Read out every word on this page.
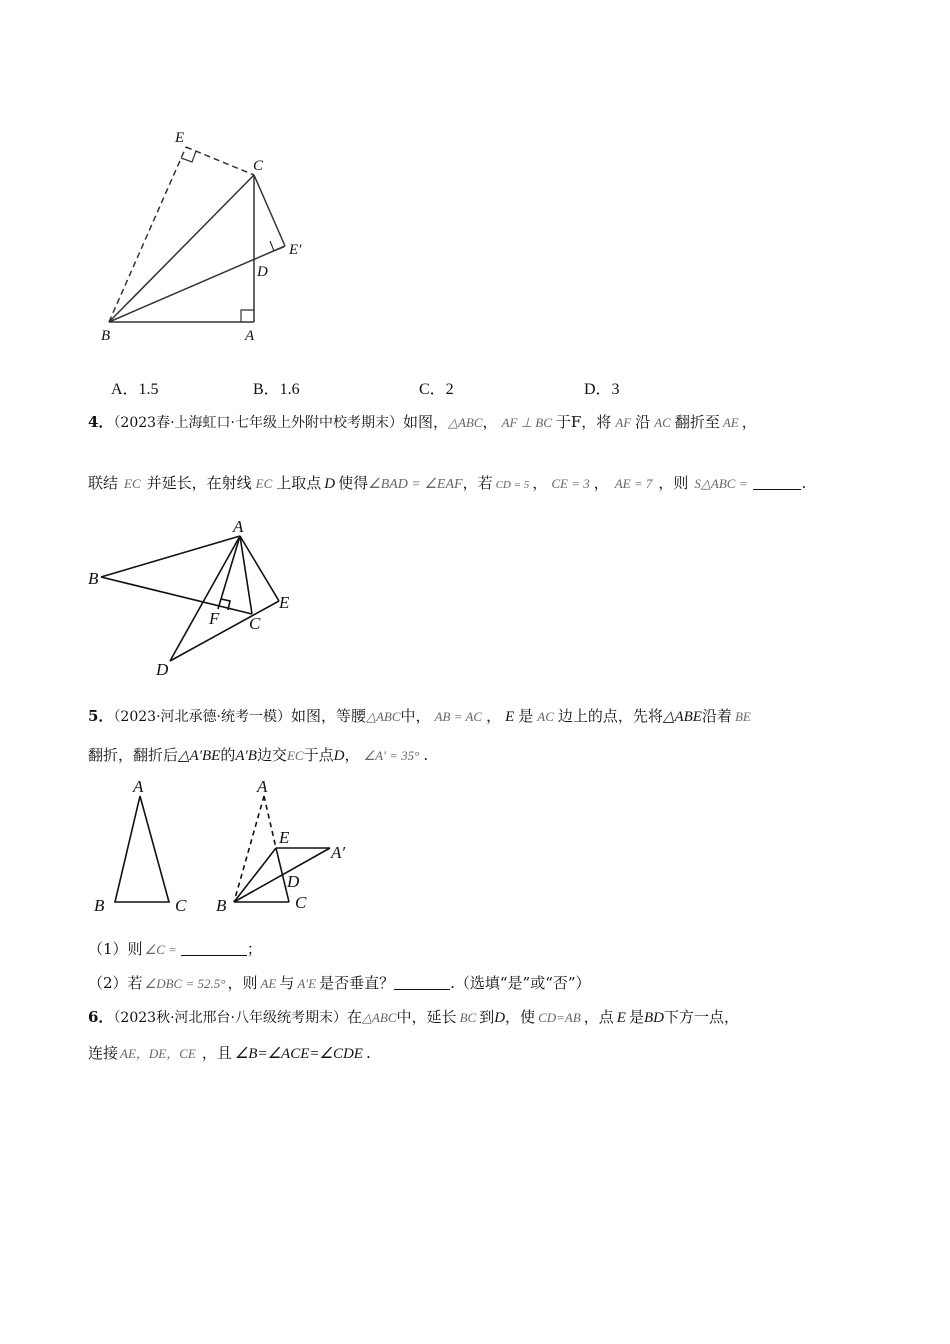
E
C
E′
D
B	A
A．1.5	B．1.6	C．2	D．3
4．（2023春·上海虹口·七年级上外附中校考期末）如图，△ABC， AF ⊥ BC 于F，将 AF 沿 AC 翻折至 AE ，
联结 EC 并延长，在射线 EC 上取点 D 使得∠BAD = ∠EAF，若 CD = 5 ， CE = 3 ， AE = 7 ，则 S△ABC =	.
A
B
E
F C
D
5．（2023·河北承德·统考一模）如图，等腰△ABC中， AB = AC ， E 是 AC 边上的点，先将△ABE沿着 BE
翻折，翻折后△A′BE的A′B边交EC于点D， ∠A′ = 35° .
A
B	C
A
E
A′
D
B	C
（1）则 ∠C =	；
（2）若 ∠DBC = 52.5° ，则 AE 与 A′E 是否垂直？	.（选填“是”或“否”）
6．（2023秋·河北邢台·八年级统考期末）在△ABC中，延长 BC 到D，使 CD=AB ，点 E 是BD下方一点，
连接 AE，DE，CE ，且 ∠B=∠ACE=∠CDE .
